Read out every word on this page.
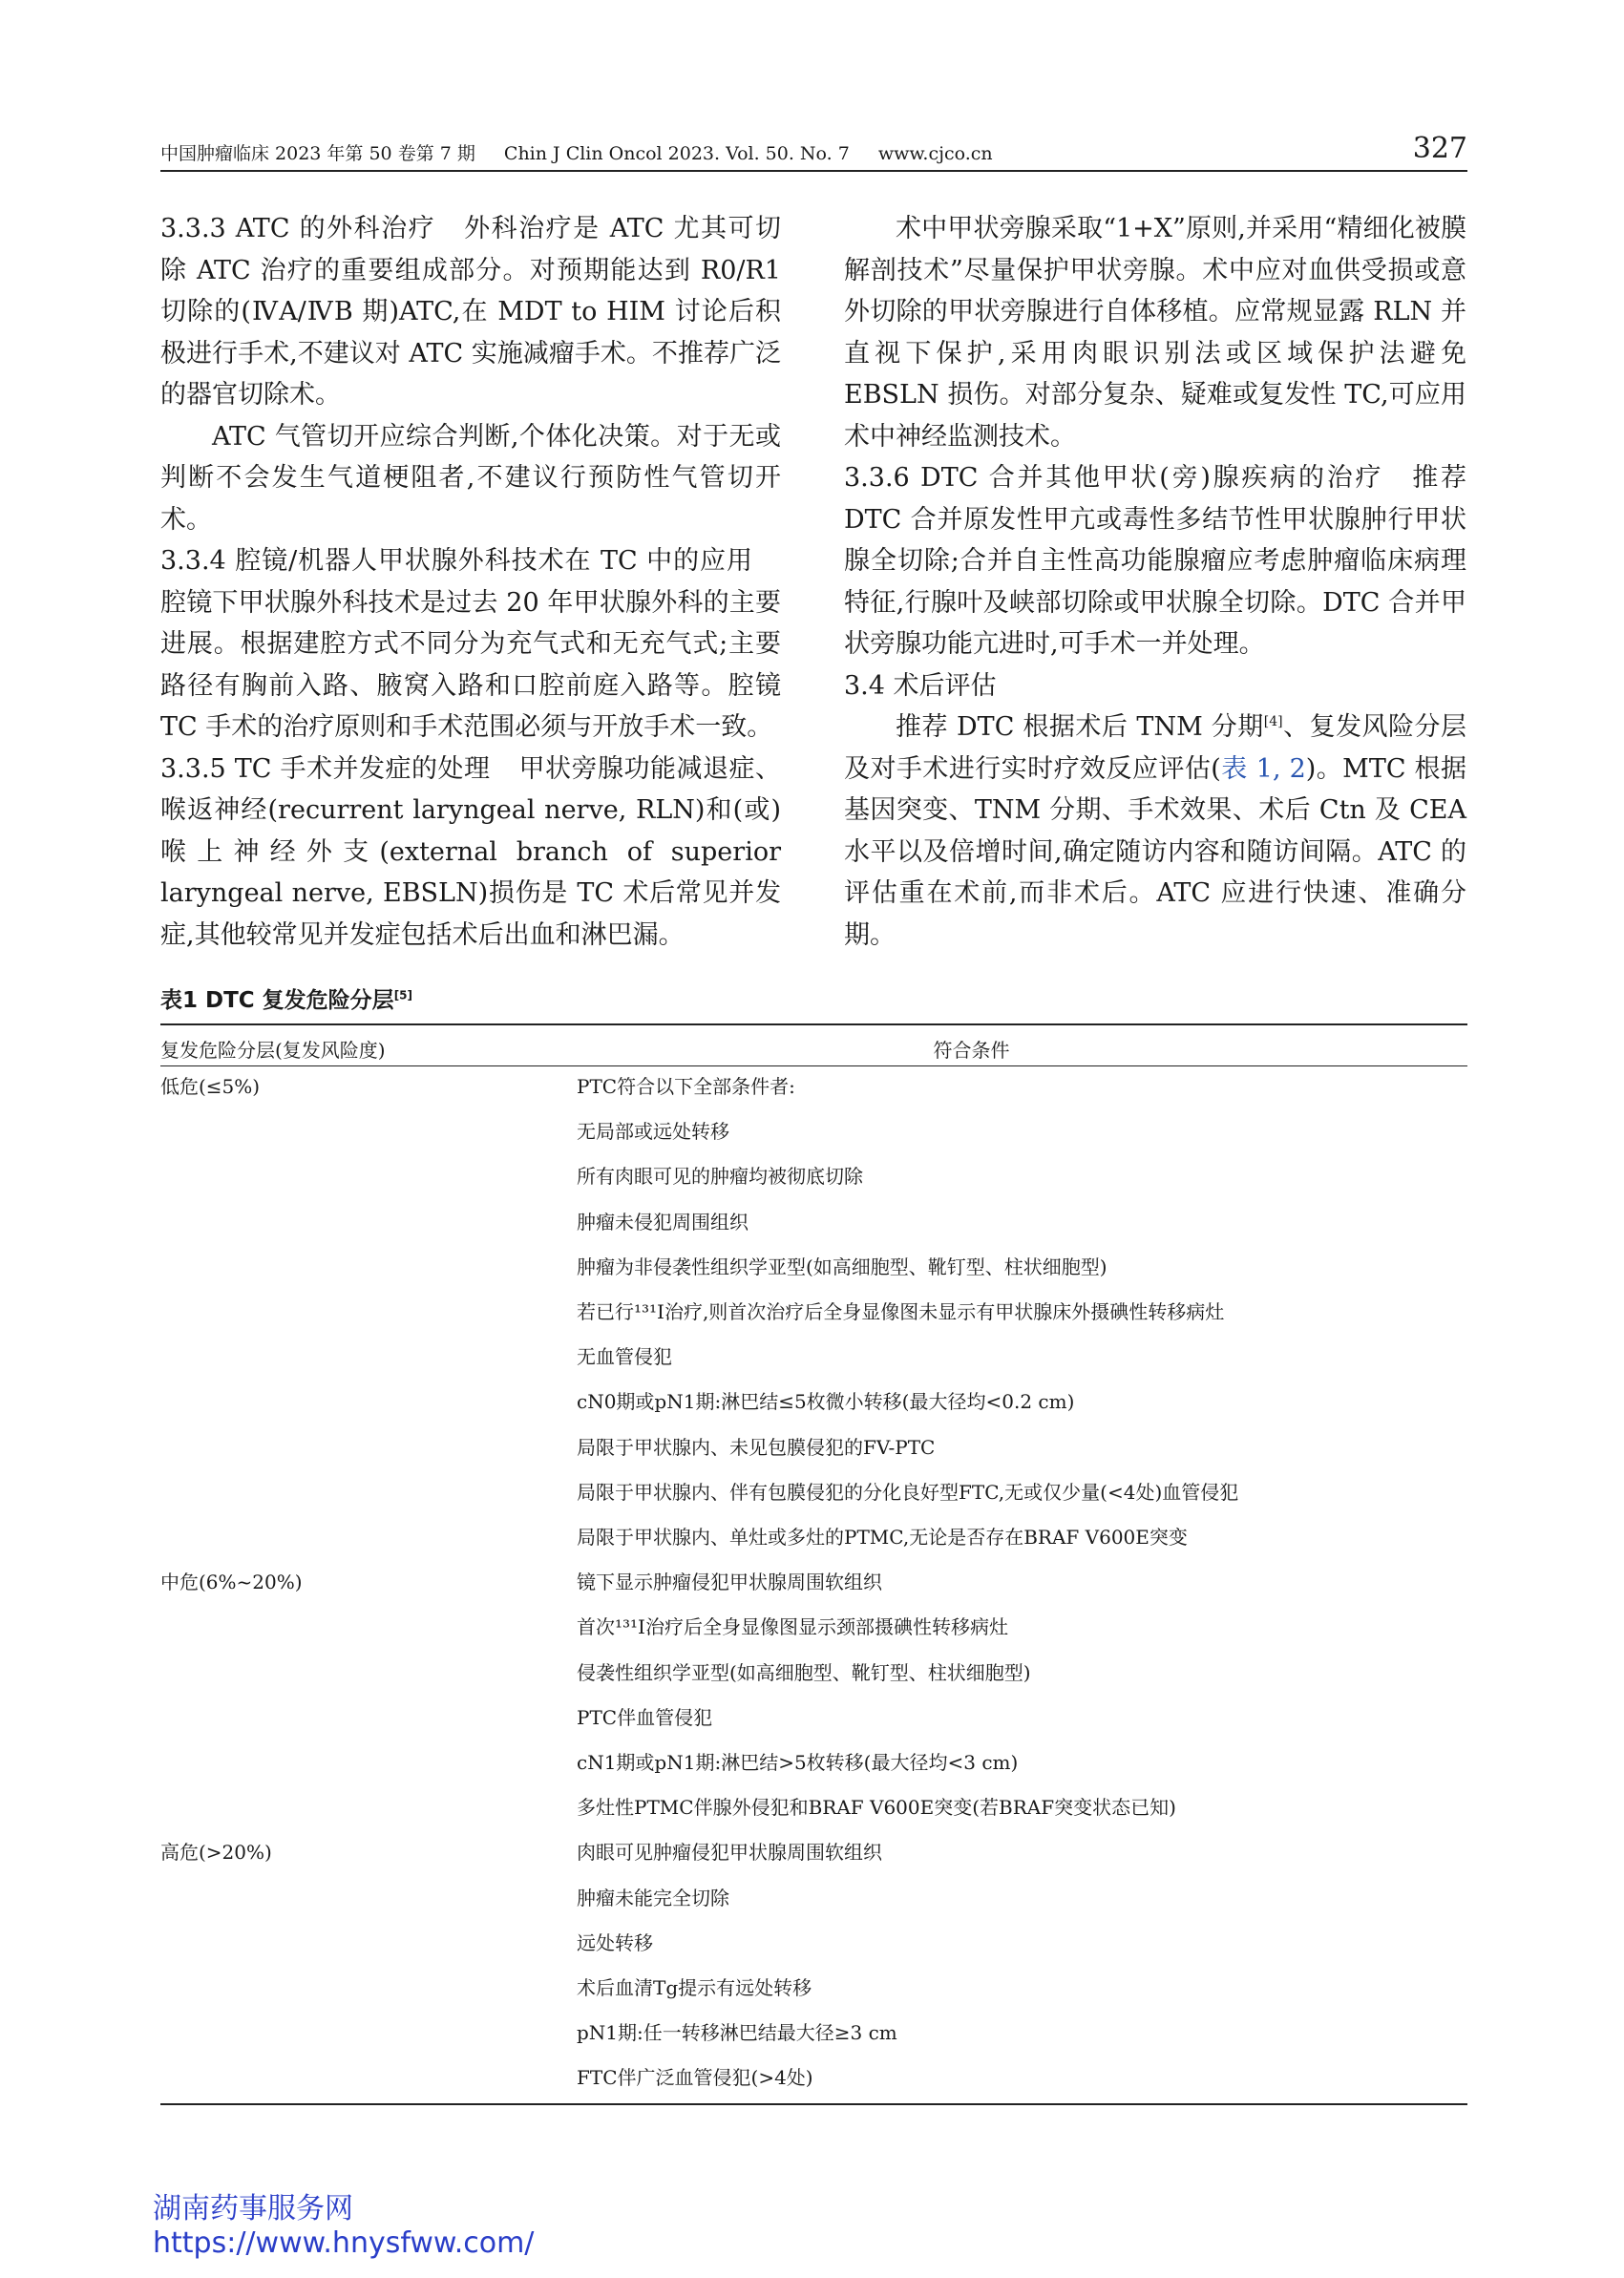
中国肿瘤临床 2023 年第 50 卷第 7 期 Chin J Clin Oncol 2023. Vol. 50. No. 7 www.cjco.cn	327

3.3.3 ATC 的外科治疗 外科治疗是 ATC 尤其可切除 ATC 治疗的重要组成部分。对预期能达到 R0/R1 切除的(ⅣA/ⅣB 期)ATC,在 MDT to HIM 讨论后积极进行手术,不建议对 ATC 实施减瘤手术。不推荐广泛的器官切除术。

ATC 气管切开应综合判断,个体化决策。对于无或判断不会发生气道梗阻者,不建议行预防性气管切开术。

3.3.4 腔镜/机器人甲状腺外科技术在 TC 中的应用腔镜下甲状腺外科技术是过去 20 年甲状腺外科的主要进展。根据建腔方式不同分为充气式和无充气式;主要路径有胸前入路、腋窝入路和口腔前庭入路等。腔镜 TC 手术的治疗原则和手术范围必须与开放手术一致。

3.3.5 TC 手术并发症的处理 甲状旁腺功能减退症、喉返神经(recurrent laryngeal nerve, RLN)和(或)喉上神经外支(external branch of superior laryngeal nerve, EBSLN)损伤是 TC 术后常见并发症,其他较常见并发症包括术后出血和淋巴漏。

术中甲状旁腺采取“1+X”原则,并采用“精细化被膜解剖技术”尽量保护甲状旁腺。术中应对血供受损或意外切除的甲状旁腺进行自体移植。应常规显露 RLN 并直视下保护,采用肉眼识别法或区域保护法避免 EBSLN 损伤。对部分复杂、疑难或复发性 TC,可应用术中神经监测技术。

3.3.6 DTC 合并其他甲状(旁)腺疾病的治疗 推荐 DTC 合并原发性甲亢或毒性多结节性甲状腺肿行甲状腺全切除;合并自主性高功能腺瘤应考虑肿瘤临床病理特征,行腺叶及峡部切除或甲状腺全切除。DTC 合并甲状旁腺功能亢进时,可手术一并处理。

3.4 术后评估

推荐 DTC 根据术后 TNM 分期[4]、复发风险分层及对手术进行实时疗效反应评估(表 1, 2)。MTC 根据基因突变、TNM 分期、手术效果、术后 Ctn 及 CEA 水平以及倍增时间,确定随访内容和随访间隔。ATC 的评估重在术前,而非术后。ATC 应进行快速、准确分期。

表1 DTC 复发危险分层[5]
复发危险分层(复发风险度)	符合条件
低危(≤5%)	PTC符合以下全部条件者:
无局部或远处转移
所有肉眼可见的肿瘤均被彻底切除
肿瘤未侵犯周围组织
肿瘤为非侵袭性组织学亚型(如高细胞型、靴钉型、柱状细胞型)
若已行¹³¹I治疗,则首次治疗后全身显像图未显示有甲状腺床外摄碘性转移病灶
无血管侵犯
cN0期或pN1期:淋巴结≤5枚微小转移(最大径均<0.2 cm)
局限于甲状腺内、未见包膜侵犯的FV-PTC
局限于甲状腺内、伴有包膜侵犯的分化良好型FTC,无或仅少量(<4处)血管侵犯
局限于甲状腺内、单灶或多灶的PTMC,无论是否存在BRAF V600E突变
中危(6%~20%)	镜下显示肿瘤侵犯甲状腺周围软组织
首次¹³¹I治疗后全身显像图显示颈部摄碘性转移病灶
侵袭性组织学亚型(如高细胞型、靴钉型、柱状细胞型)
PTC伴血管侵犯
cN1期或pN1期:淋巴结>5枚转移(最大径均<3 cm)
多灶性PTMC伴腺外侵犯和BRAF V600E突变(若BRAF突变状态已知)
高危(>20%)	肉眼可见肿瘤侵犯甲状腺周围软组织
肿瘤未能完全切除
远处转移
术后血清Tg提示有远处转移
pN1期:任一转移淋巴结最大径≥3 cm
FTC伴广泛血管侵犯(>4处)
湖南药事服务网
https://www.hnysfww.com/
